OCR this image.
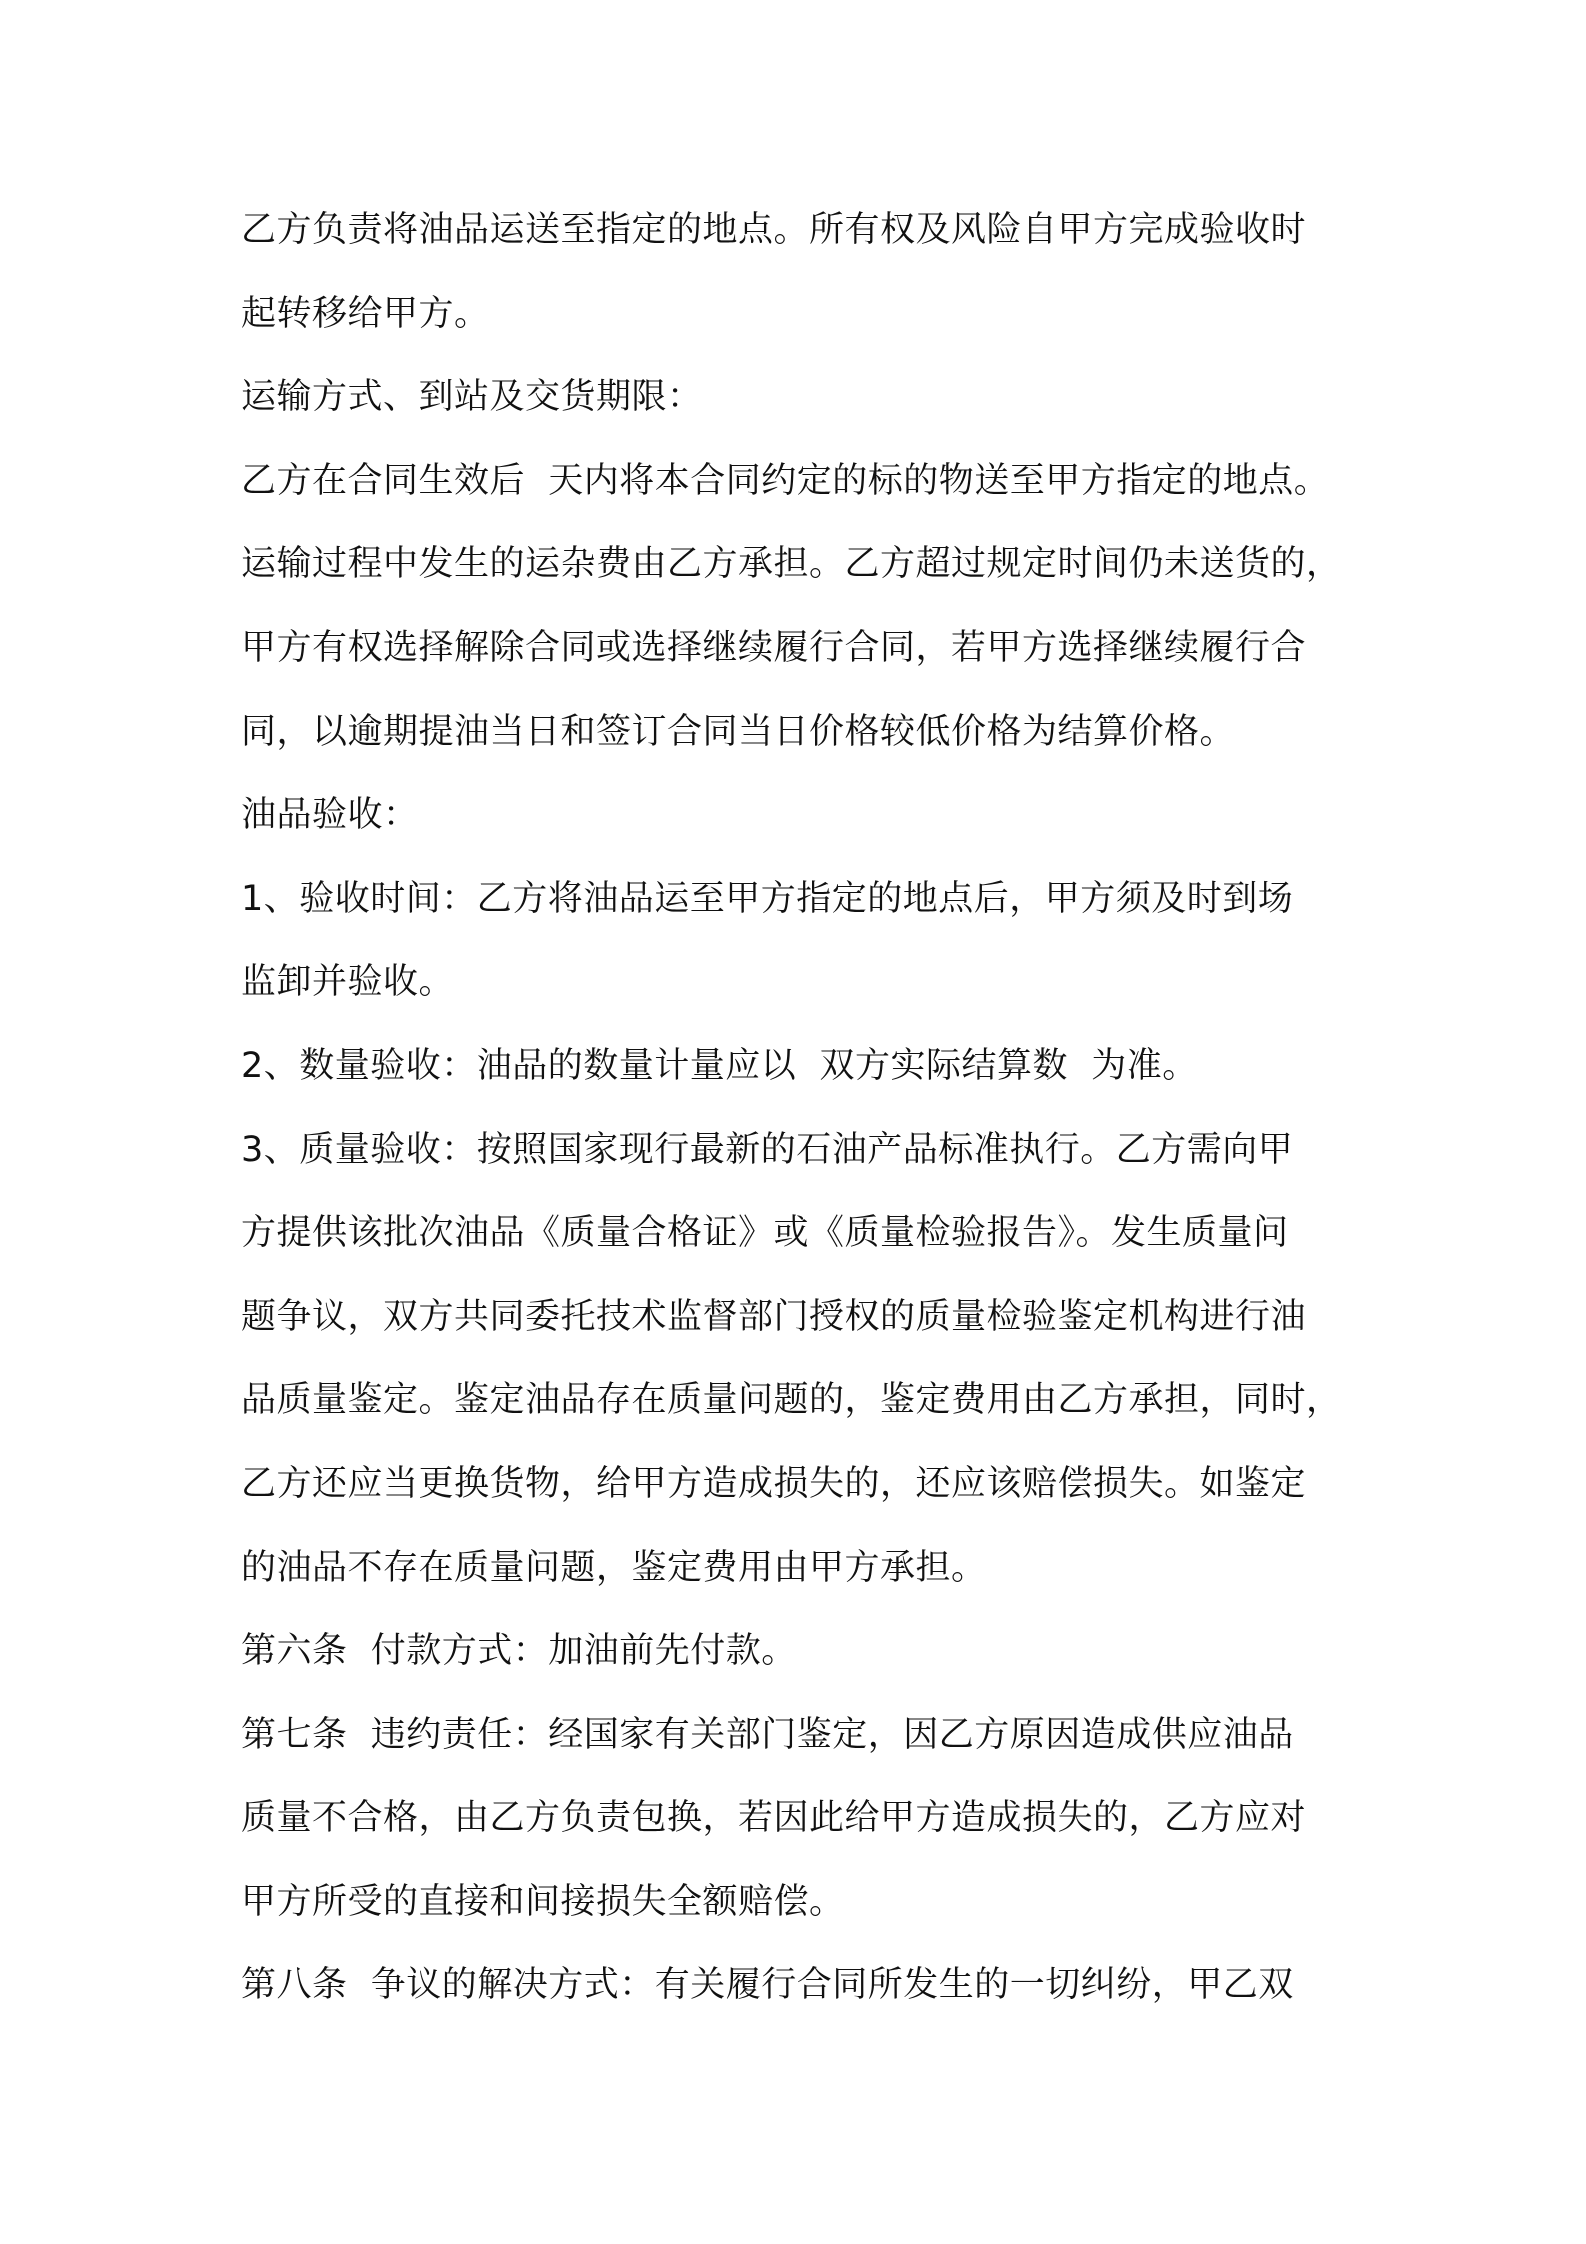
乙方负责将油品运送至指定的地点。所有权及风险自甲方完成验收时
起转移给甲方。
运输方式、到站及交货期限：
乙方在合同生效后  天内将本合同约定的标的物送至甲方指定的地点。
运输过程中发生的运杂费由乙方承担。乙方超过规定时间仍未送货的，
甲方有权选择解除合同或选择继续履行合同，若甲方选择继续履行合
同，以逾期提油当日和签订合同当日价格较低价格为结算价格。
油品验收：
1、验收时间：乙方将油品运至甲方指定的地点后，甲方须及时到场
监卸并验收。
2、数量验收：油品的数量计量应以  双方实际结算数  为准。
3、质量验收：按照国家现行最新的石油产品标准执行。乙方需向甲
方提供该批次油品《质量合格证》或《质量检验报告》。发生质量问
题争议，双方共同委托技术监督部门授权的质量检验鉴定机构进行油
品质量鉴定。鉴定油品存在质量问题的，鉴定费用由乙方承担，同时，
乙方还应当更换货物，给甲方造成损失的，还应该赔偿损失。如鉴定
的油品不存在质量问题，鉴定费用由甲方承担。
第六条  付款方式：加油前先付款。
第七条  违约责任：经国家有关部门鉴定，因乙方原因造成供应油品
质量不合格，由乙方负责包换，若因此给甲方造成损失的，乙方应对
甲方所受的直接和间接损失全额赔偿。
第八条  争议的解决方式：有关履行合同所发生的一切纠纷，甲乙双
